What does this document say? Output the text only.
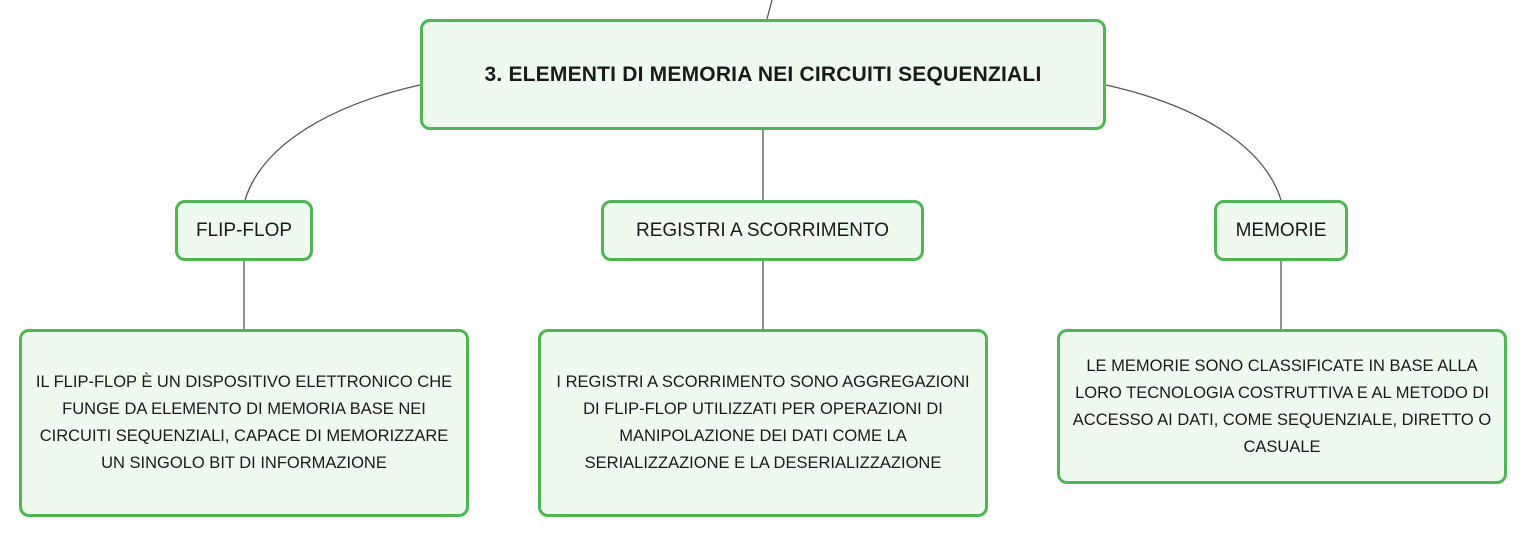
3. ELEMENTI DI MEMORIA NEI CIRCUITI SEQUENZIALI
FLIP-FLOP	REGISTRI A SCORRIMENTO	MEMORIE
IL FLIP-FLOP È UN DISPOSITIVO ELETTRONICO CHE FUNGE DA ELEMENTO DI MEMORIA BASE NEI CIRCUITI SEQUENZIALI, CAPACE DI MEMORIZZARE UN SINGOLO BIT DI INFORMAZIONE
I REGISTRI A SCORRIMENTO SONO AGGREGAZIONI DI FLIP-FLOP UTILIZZATI PER OPERAZIONI DI MANIPOLAZIONE DEI DATI COME LA SERIALIZZAZIONE E LA DESERIALIZZAZIONE
LE MEMORIE SONO CLASSIFICATE IN BASE ALLA LORO TECNOLOGIA COSTRUTTIVA E AL METODO DI ACCESSO AI DATI, COME SEQUENZIALE, DIRETTO O CASUALE
